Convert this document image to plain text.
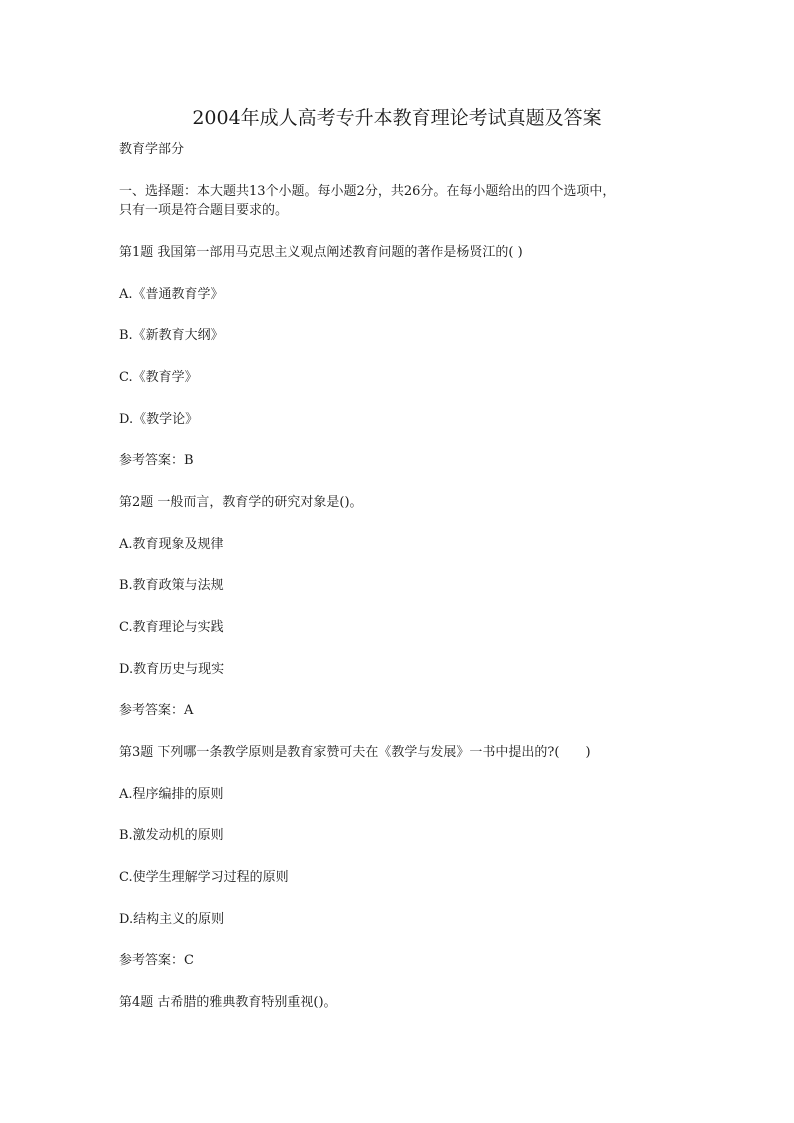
2004年成人高考专升本教育理论考试真题及答案
教育学部分
一、选择题：本大题共13个小题。每小题2分，共26分。在每小题给出的四个选项中，
只有一项是符合题目要求的。
第1题 我国第一部用马克思主义观点阐述教育问题的著作是杨贤江的( )
A.《普通教育学》
B.《新教育大纲》
C.《教育学》
D.《教学论》
参考答案：B
第2题 一般而言，教育学的研究对象是()。
A.教育现象及规律
B.教育政策与法规
C.教育理论与实践
D.教育历史与现实
参考答案：A
第3题 下列哪一条教学原则是教育家赞可夫在《教学与发展》一书中提出的?(　　)
A.程序编排的原则
B.激发动机的原则
C.使学生理解学习过程的原则
D.结构主义的原则
参考答案：C
第4题 古希腊的雅典教育特别重视()。
